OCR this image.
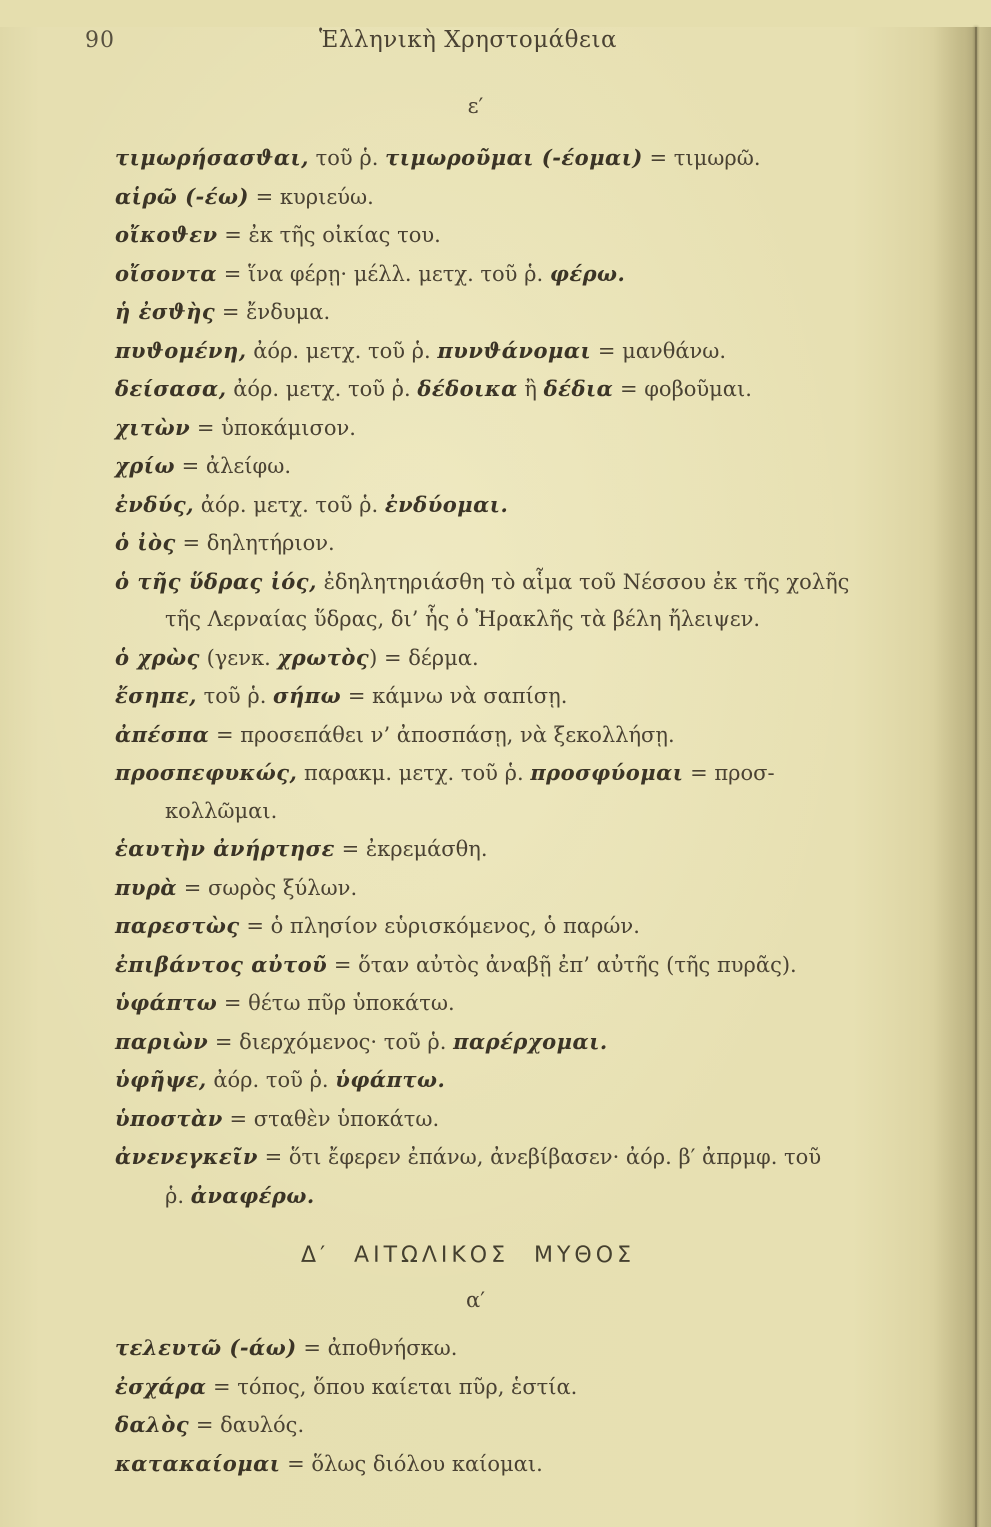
90	Ἑλληνικὴ Χρηστομάθεια
ε′
τιμωρήσασϑαι, τοῦ ῥ. τιμωροῦμαι (-έομαι) = τιμωρῶ.
αἱρῶ (-έω) = κυριεύω.
οἴκοϑεν = ἐκ τῆς οἰκίας του.
οἴσοντα = ἵνα φέρῃ· μέλλ. μετχ. τοῦ ῥ. φέρω.
ἡ ἐσϑὴς = ἔνδυμα.
πυϑομένη, ἀόρ. μετχ. τοῦ ῥ. πυνϑάνομαι = μανθάνω.
δείσασα, ἀόρ. μετχ. τοῦ ῥ. δέδοικα ἢ δέδια = φοβοῦμαι.
χιτὼν = ὑποκάμισον.
χρίω = ἀλείφω.
ἐνδύς, ἀόρ. μετχ. τοῦ ῥ. ἐνδύομαι.
ὁ ἰὸς = δηλητήριον.
ὁ τῆς ὕδρας ἰός, ἐδηλητηριάσθη τὸ αἷμα τοῦ Νέσσου ἐκ τῆς χολῆς
τῆς Λερναίας ὕδρας, δι’ ἧς ὁ Ἡρακλῆς τὰ βέλη ἤλειψεν.
ὁ χρὼς (γενκ. χρωτὸς) = δέρμα.
ἔσηπε, τοῦ ῥ. σήπω = κάμνω νὰ σαπίσῃ.
ἀπέσπα = προσεπάθει ν’ ἀποσπάσῃ, νὰ ξεκολλήσῃ.
προσπεφυκώς, παρακμ. μετχ. τοῦ ῥ. προσφύομαι = προσ-
κολλῶμαι.
ἑαυτὴν ἀνήρτησε = ἐκρεμάσθη.
πυρὰ = σωρὸς ξύλων.
παρεστὼς = ὁ πλησίον εὑρισκόμενος, ὁ παρών.
ἐπιβάντος αὐτοῦ = ὅταν αὐτὸς ἀναβῇ ἐπ’ αὐτῆς (τῆς πυρᾶς).
ὑφάπτω = θέτω πῦρ ὑποκάτω.
παριὼν = διερχόμενος· τοῦ ῥ. παρέρχομαι.
ὑφῆψε, ἀόρ. τοῦ ῥ. ὑφάπτω.
ὑποστὰν = σταθὲν ὑποκάτω.
ἀνενεγκεῖν = ὅτι ἔφερεν ἐπάνω, ἀνεβίβασεν· ἀόρ. β′ ἀπρμφ. τοῦ
ῥ. ἀναφέρω.
Δ′ ΑΙΤΩΛΙΚΟΣ ΜΥΘΟΣ
α′
τελευτῶ (-άω) = ἀποθνήσκω.
ἐσχάρα = τόπος, ὅπου καίεται πῦρ, ἑστία.
δαλὸς = δαυλός.
κατακαίομαι = ὅλως διόλου καίομαι.
